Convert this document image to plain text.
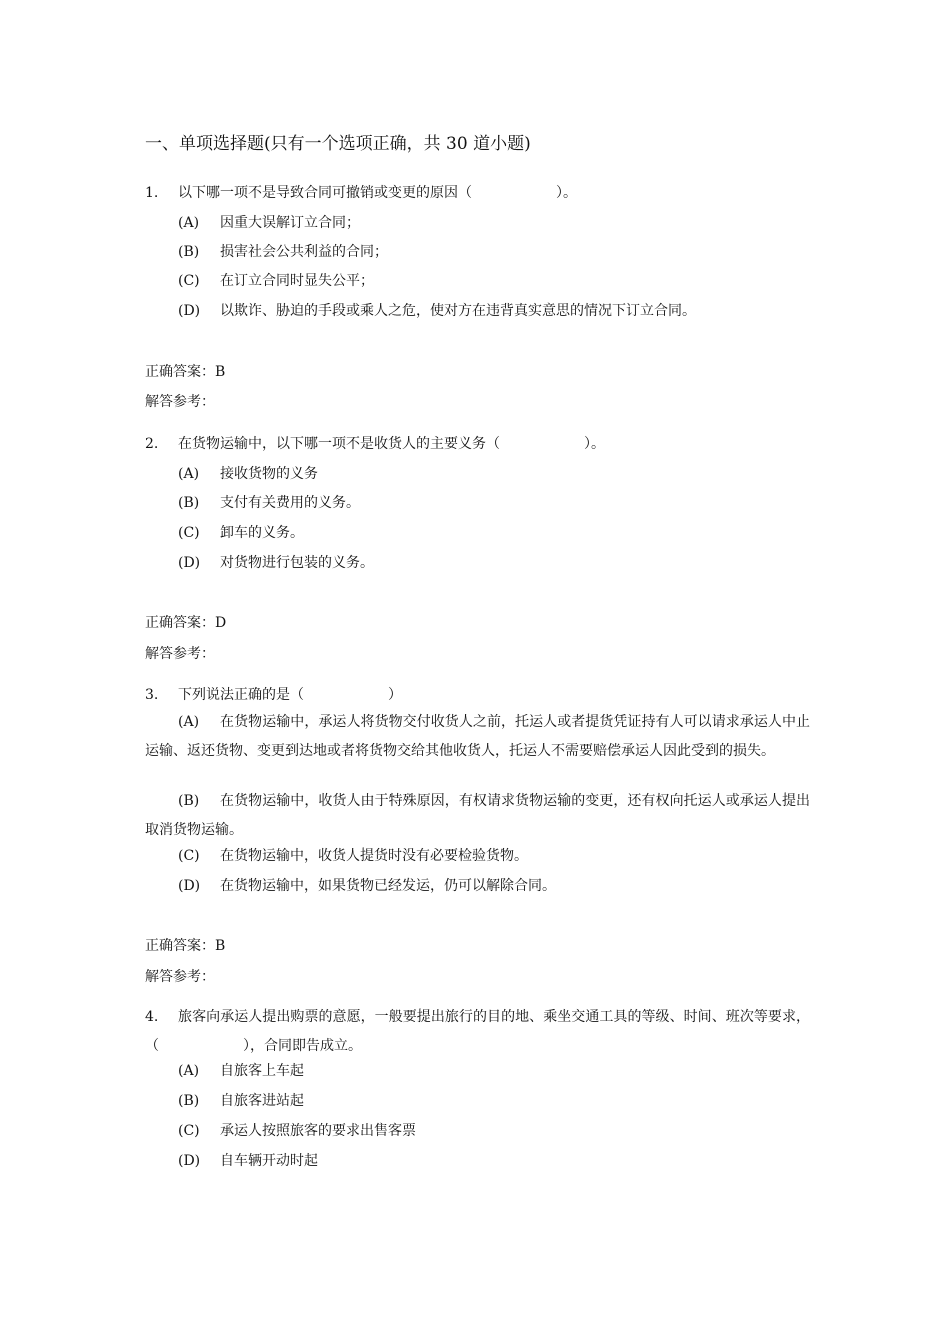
一、单项选择题(只有一个选项正确，共 30 道小题)
1. 以下哪一项不是导致合同可撤销或变更的原因（　　　　　　）。
(A) 因重大误解订立合同；
(B) 损害社会公共利益的合同；
(C) 在订立合同时显失公平；
(D) 以欺诈、胁迫的手段或乘人之危，使对方在违背真实意思的情况下订立合同。
正确答案：B
解答参考：
2. 在货物运输中，以下哪一项不是收货人的主要义务（　　　　　　）。
(A) 接收货物的义务
(B) 支付有关费用的义务。
(C) 卸车的义务。
(D) 对货物进行包装的义务。
正确答案：D
解答参考：
3. 下列说法正确的是（　　　　　　）
(A) 在货物运输中，承运人将货物交付收货人之前，托运人或者提货凭证持有人可以请求承运人中止运输、返还货物、变更到达地或者将货物交给其他收货人，托运人不需要赔偿承运人因此受到的损失。
(B) 在货物运输中，收货人由于特殊原因，有权请求货物运输的变更，还有权向托运人或承运人提出取消货物运输。
(C) 在货物运输中，收货人提货时没有必要检验货物。
(D) 在货物运输中，如果货物已经发运，仍可以解除合同。
正确答案：B
解答参考：
4. 旅客向承运人提出购票的意愿，一般要提出旅行的目的地、乘坐交通工具的等级、时间、班次等要求，（　　　　　　），合同即告成立。
(A) 自旅客上车起
(B) 自旅客进站起
(C) 承运人按照旅客的要求出售客票
(D) 自车辆开动时起
